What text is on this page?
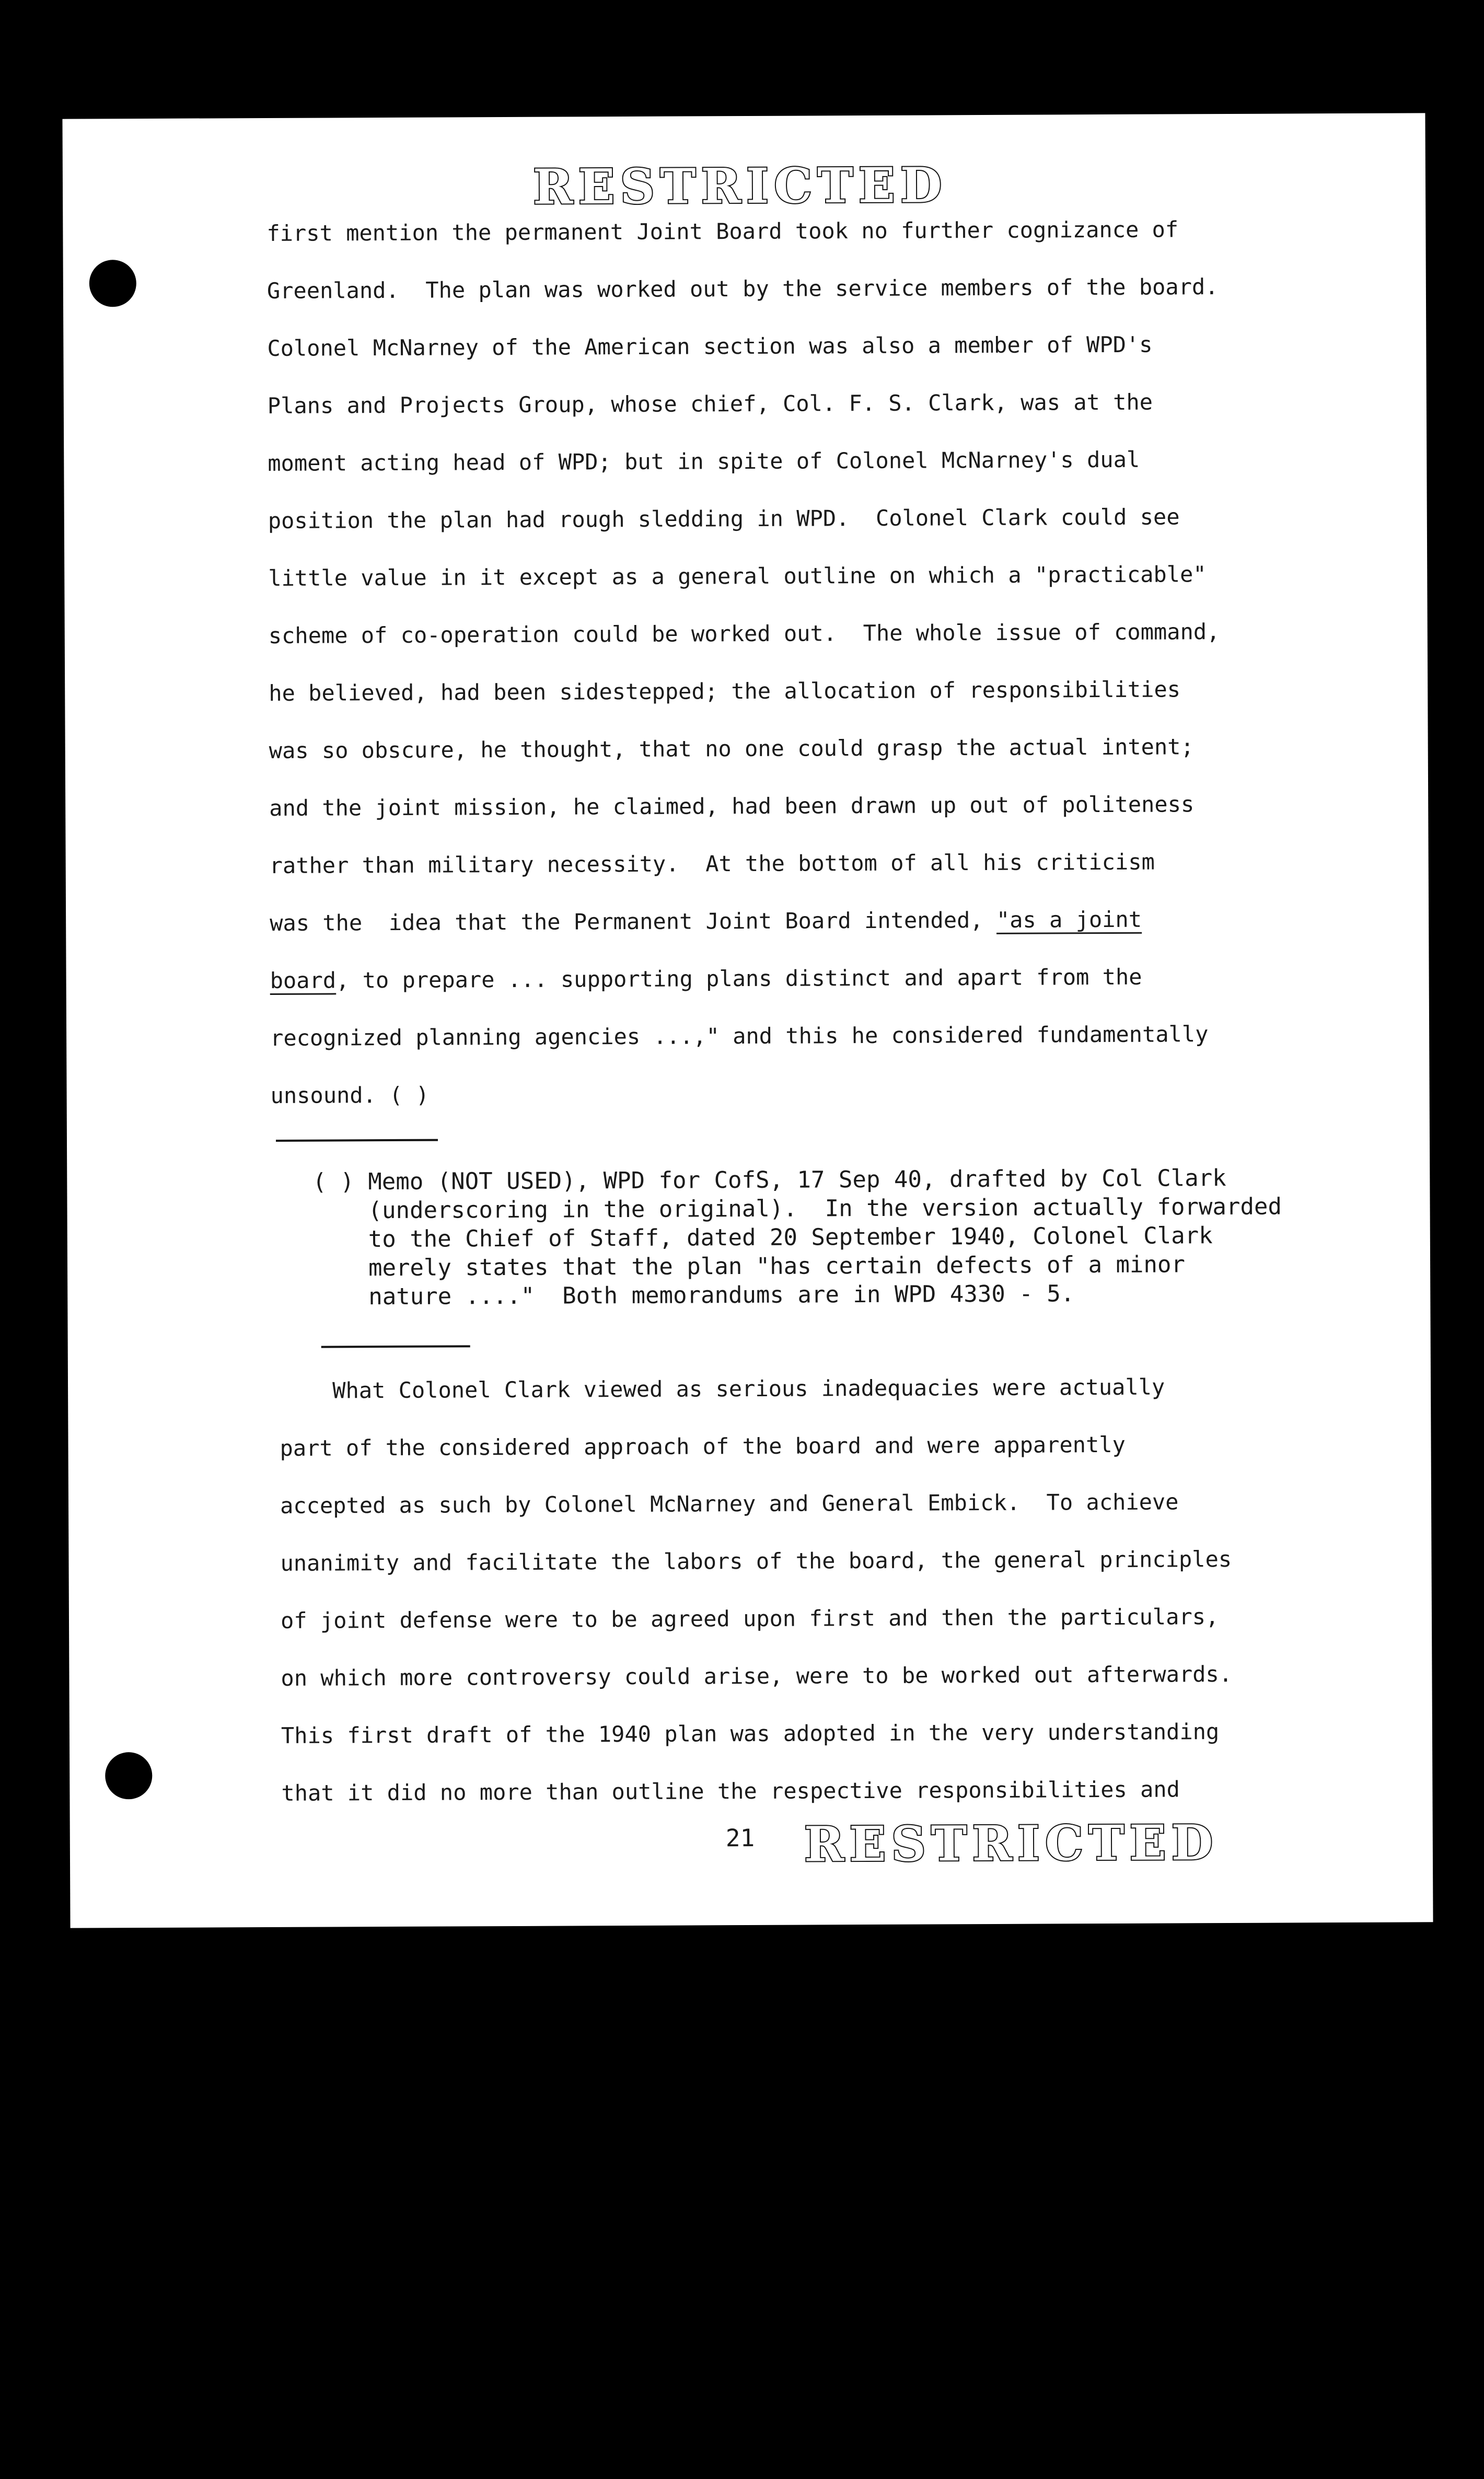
RESTRICTED
first mention the permanent Joint Board took no further cognizance of
Greenland.  The plan was worked out by the service members of the board.
Colonel McNarney of the American section was also a member of WPD's
Plans and Projects Group, whose chief, Col. F. S. Clark, was at the
moment acting head of WPD; but in spite of Colonel McNarney's dual
position the plan had rough sledding in WPD.  Colonel Clark could see
little value in it except as a general outline on which a "practicable"
scheme of co-operation could be worked out.  The whole issue of command,
he believed, had been sidestepped; the allocation of responsibilities
was so obscure, he thought, that no one could grasp the actual intent;
and the joint mission, he claimed, had been drawn up out of politeness
rather than military necessity.  At the bottom of all his criticism
was the  idea that the Permanent Joint Board intended, "as a joint
board, to prepare ... supporting plans distinct and apart from the
recognized planning agencies ...," and this he considered fundamentally
unsound. ( )
( ) Memo (NOT USED), WPD for CofS, 17 Sep 40, drafted by Col Clark
(underscoring in the original).  In the version actually forwarded
to the Chief of Staff, dated 20 September 1940, Colonel Clark
merely states that the plan "has certain defects of a minor
nature ...."  Both memorandums are in WPD 4330 - 5.
What Colonel Clark viewed as serious inadequacies were actually
part of the considered approach of the board and were apparently
accepted as such by Colonel McNarney and General Embick.  To achieve
unanimity and facilitate the labors of the board, the general principles
of joint defense were to be agreed upon first and then the particulars,
on which more controversy could arise, were to be worked out afterwards.
This first draft of the 1940 plan was adopted in the very understanding
that it did no more than outline the respective responsibilities and
21 RESTRICTED
